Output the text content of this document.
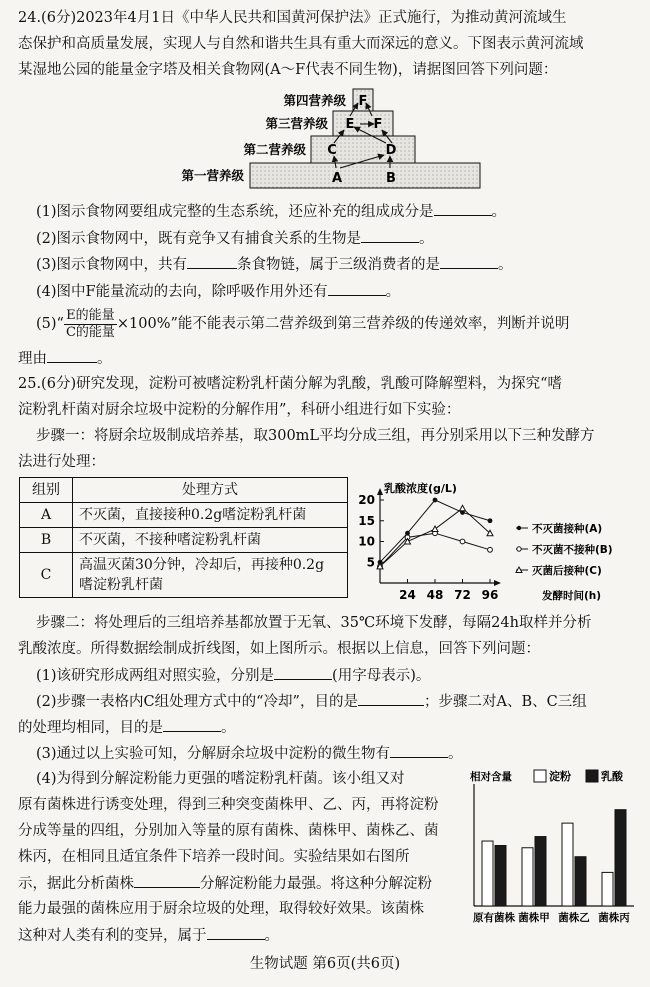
24.(6分)2023年4月1日《中华人民共和国黄河保护法》正式施行，为推动黄河流域生
态保护和高质量发展，实现人与自然和谐共生具有重大而深远的意义。下图表示黄河流域
某湿地公园的能量金字塔及相关食物网(A～F代表不同生物)，请据图回答下列问题：
第四营养级
第三营养级
第二营养级
第一营养级	A	B
C	D
E F
F
(1)图示食物网要组成完整的生态系统，还应补充的组成成分是	。
(2)图示食物网中，既有竞争又有捕食关系的生物是	。
(3)图示食物网中，共有	条食物链，属于三级消费者的是	。
(4)图中F能量流动的去向，除呼吸作用外还有	。
(5)“ $\frac{\text{E的能量}}{\text{C的能量}} \times 100\%$”能不能表示第二营养级到第三营养级的传递效率，判断并说明
理由	。
25.(6分)研究发现，淀粉可被嗜淀粉乳杆菌分解为乳酸，乳酸可降解塑料，为探究“嗜
淀粉乳杆菌对厨余垃圾中淀粉的分解作用”，科研小组进行如下实验：
步骤一：将厨余垃圾制成培养基，取300mL平均分成三组，再分别采用以下三种发酵方
法进行处理：
组别	处理方式
A	不灭菌，直接接种0.2g嗜淀粉乳杆菌
B	不灭菌，不接种嗜淀粉乳杆菌
C	高温灭菌30分钟，冷却后，再接种0.2g
嗜淀粉乳杆菌
乳酸浓度(g/L)
发酵时间(h)
5
10
15
20
24 48 72 96
不灭菌接种(A)
不灭菌不接种(B)
灭菌后接种(C)
步骤二：将处理后的三组培养基都放置于无氧、35℃环境下发酵，每隔24h取样并分析
乳酸浓度。所得数据绘制成折线图，如上图所示。根据以上信息，回答下列问题：
(1)该研究形成两组对照实验，分别是	(用字母表示)。
(2)步骤一表格内C组处理方式中的“冷却”，目的是	；步骤二对A、B、C三组
的处理均相同，目的是	。
(3)通过以上实验可知，分解厨余垃圾中淀粉的微生物有	。
(4)为得到分解淀粉能力更强的嗜淀粉乳杆菌。该小组又对
原有菌株进行诱变处理，得到三种突变菌株甲、乙、丙，再将淀粉
分成等量的四组，分别加入等量的原有菌株、菌株甲、菌株乙、菌
株丙，在相同且适宜条件下培养一段时间。实验结果如右图所
示，据此分析菌株	分解淀粉能力最强。将这种分解淀粉
能力最强的菌株应用于厨余垃圾的处理，取得较好效果。该菌株
这种对人类有利的变异，属于	。
相对含量	淀粉	乳酸
原有菌株 菌株甲 菌株乙 菌株丙
生物试题 第6页(共6页)
